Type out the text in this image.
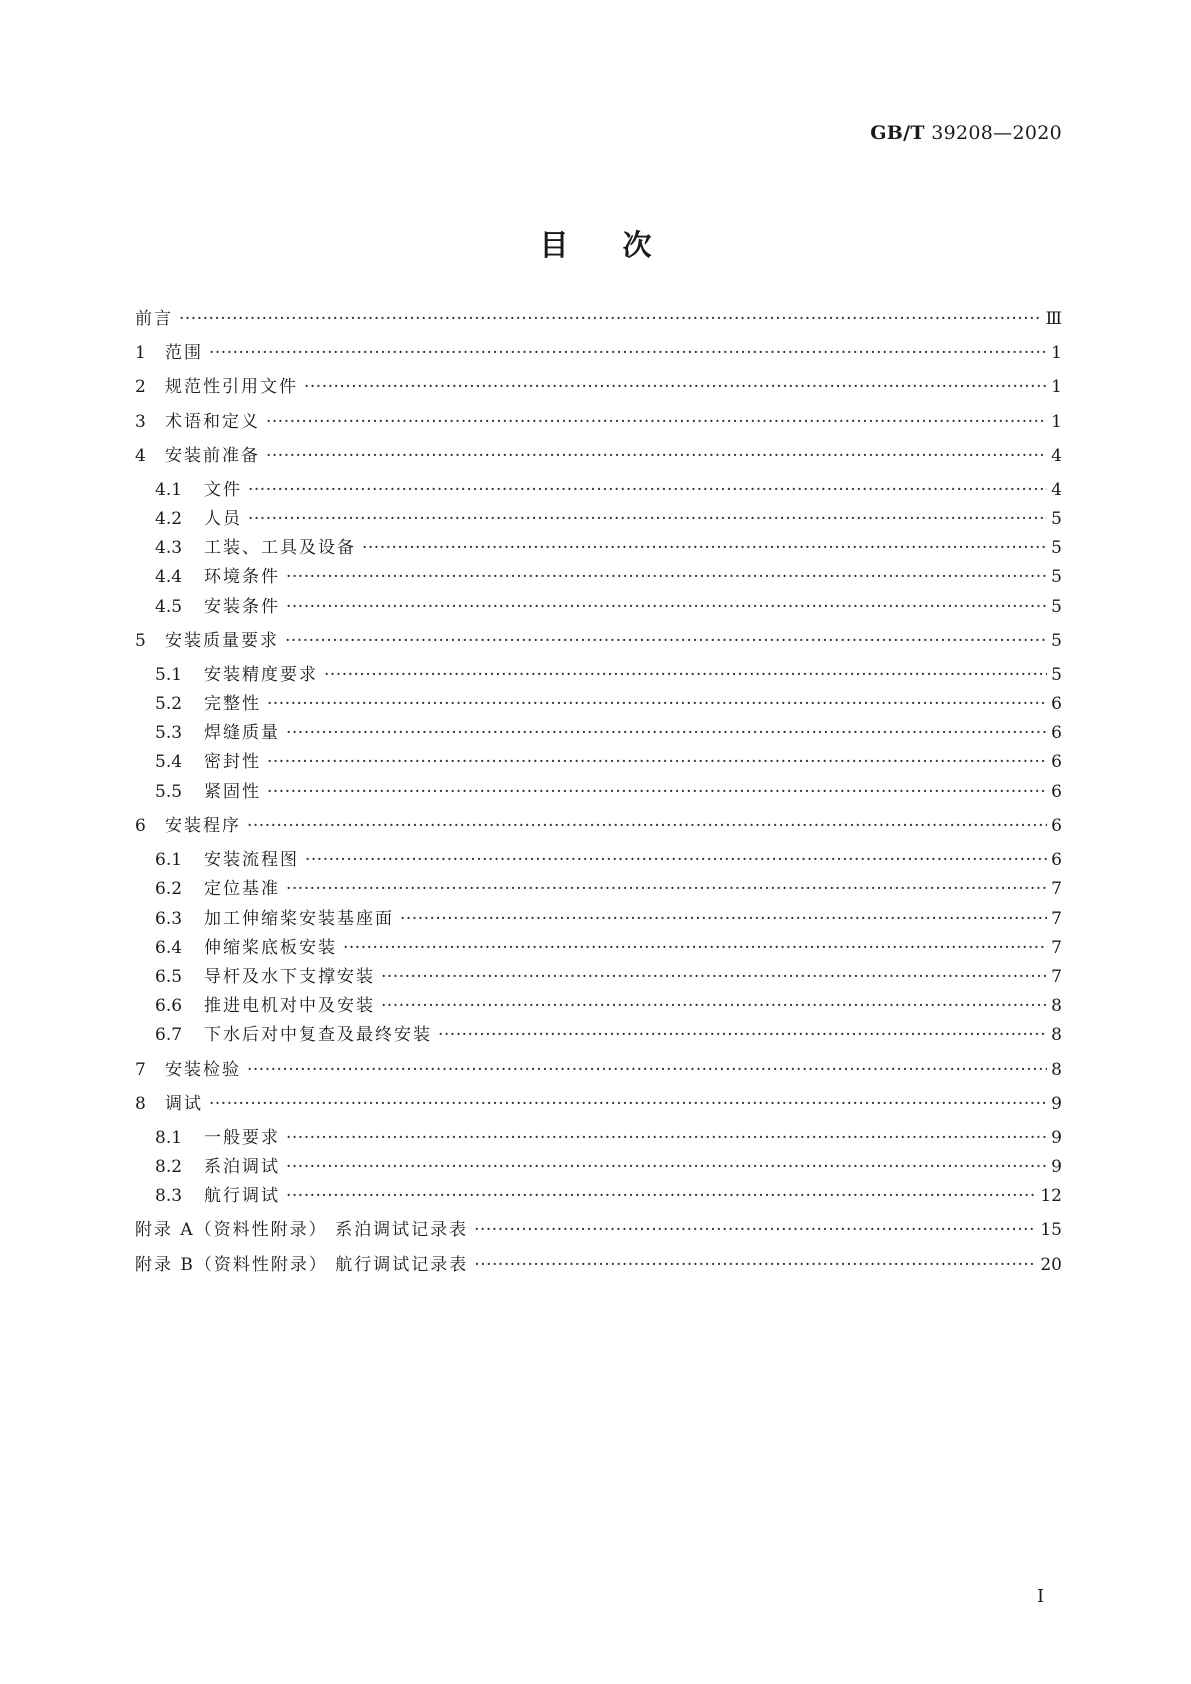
GB/T 39208—2020
目次
前言 ·····	Ⅲ
1	范围 ·····	1
2	规范性引用文件 ·····	1
3	术语和定义 ·····	1
4	安装前准备 ·····	4
4.1	文件 ·····	4
4.2	人员 ·····	5
4.3	工装、工具及设备 ·····	5
4.4	环境条件 ·····	5
4.5	安装条件 ·····	5
5	安装质量要求 ·····	5
5.1	安装精度要求 ·····	5
5.2	完整性 ·····	6
5.3	焊缝质量 ·····	6
5.4	密封性 ·····	6
5.5	紧固性 ·····	6
6	安装程序 ·····	6
6.1	安装流程图 ·····	6
6.2	定位基准 ·····	7
6.3	加工伸缩桨安装基座面 ·····	7
6.4	伸缩桨底板安装 ·····	7
6.5	导杆及水下支撑安装 ·····	7
6.6	推进电机对中及安装 ·····	8
6.7	下水后对中复查及最终安装 ·····	8
7	安装检验 ·····	8
8	调试 ·····	9
8.1	一般要求 ·····	9
8.2	系泊调试 ·····	9
8.3	航行调试 ·····	12
附录 A（资料性附录） 系泊调试记录表 ·····	15
附录 B（资料性附录） 航行调试记录表 ·····	20
I
